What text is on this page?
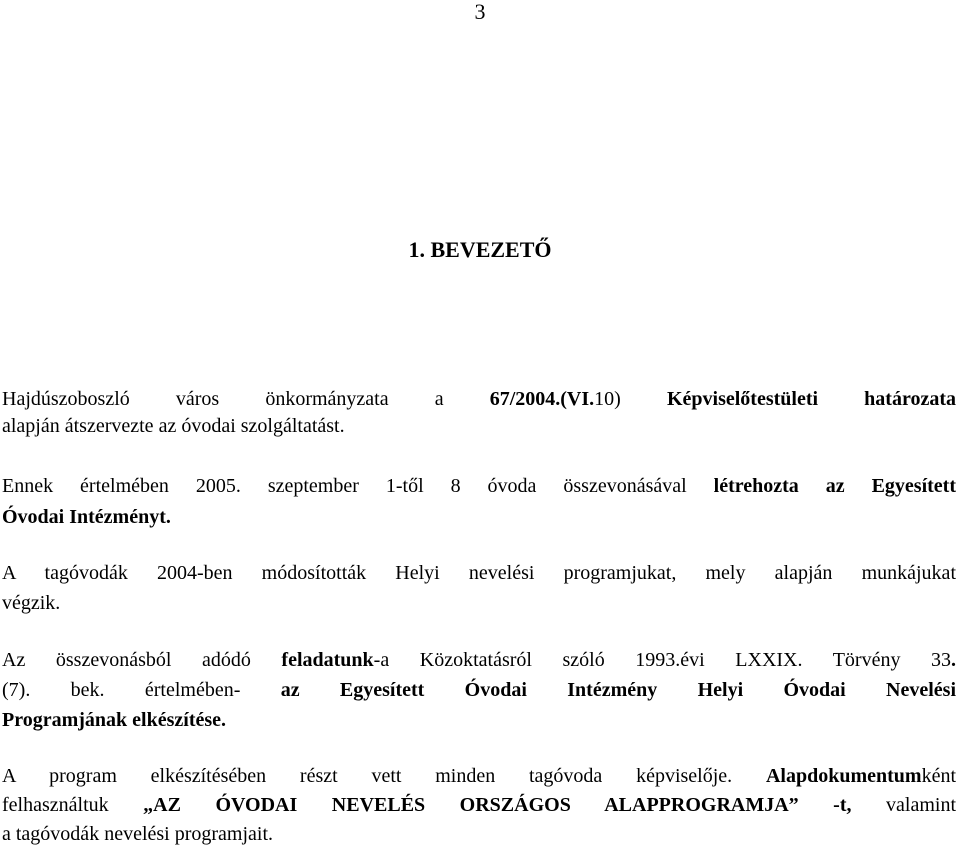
3
1. BEVEZETŐ
Hajdúszoboszló város önkormányzata a 67/2004.(VI.10) Képviselőtestületi határozata
alapján átszervezte az óvodai szolgáltatást.
Ennek értelmében 2005. szeptember 1-től 8 óvoda összevonásával létrehozta az Egyesített
Óvodai Intézményt.
A tagóvodák 2004-ben módosították Helyi nevelési programjukat, mely alapján munkájukat
végzik.
Az összevonásból adódó feladatunk-a Közoktatásról szóló 1993.évi LXXIX. Törvény 33.
(7). bek. értelmében- az Egyesített Óvodai Intézmény Helyi Óvodai Nevelési
Programjának elkészítése.
A program elkészítésében részt vett minden tagóvoda képviselője. Alapdokumentumként
felhasználtuk „AZ ÓVODAI NEVELÉS ORSZÁGOS ALAPPROGRAMJA” -t, valamint
a tagóvodák nevelési programjait.
